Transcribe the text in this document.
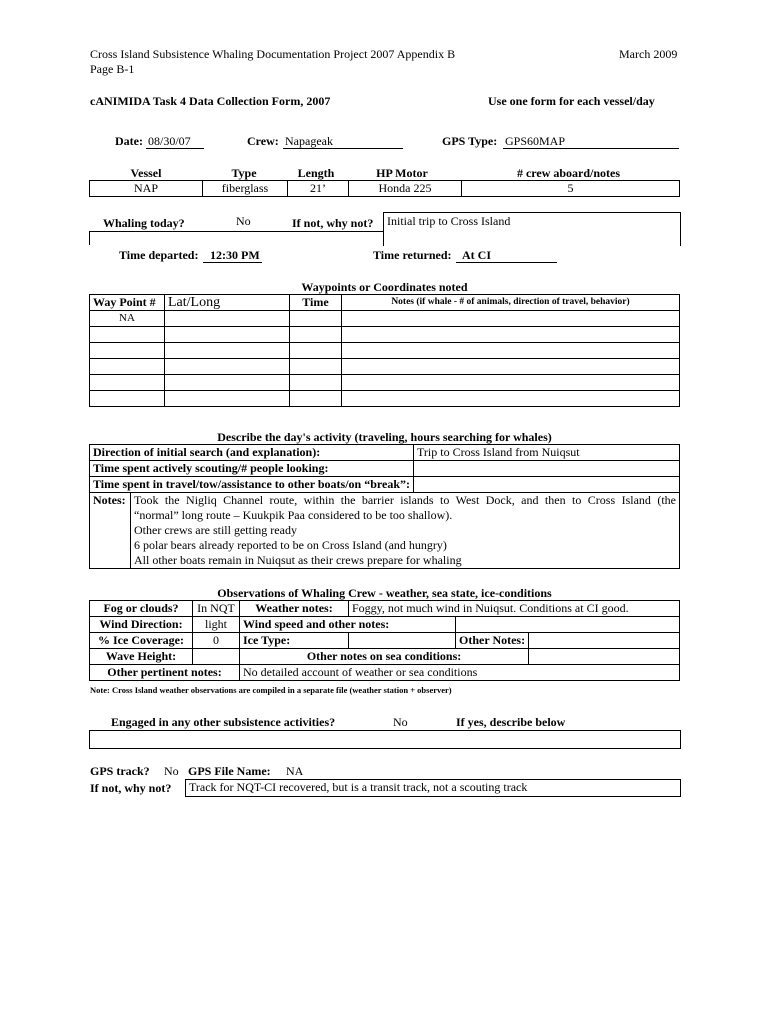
Cross Island Subsistence Whaling Documentation Project 2007 Appendix B
Page B-1
March 2009
cANIMIDA Task 4 Data Collection Form, 2007	Use one form for each vessel/day
Date: 08/30/07	Crew: Napageak	GPS Type: GPS60MAP
Vessel	Type	Length	HP Motor	# crew aboard/notes
NAP	fiberglass	21’	Honda 225	5
Whaling today?	No	If not, why not? Initial trip to Cross Island
Time departed: 12:30 PM	Time returned: At CI
Waypoints or Coordinates noted
Way Point #	Lat/Long	Time	Notes (if whale - # of animals, direction of travel, behavior)
NA			

Describe the day's activity (traveling, hours searching for whales)
Direction of initial search (and explanation):		Trip to Cross Island from Nuiqsut
Time spent actively scouting/# people looking:		
Time spent in travel/tow/assistance to other boats/on “break”:		
Notes:	Took the Nigliq Channel route, within the barrier islands to West Dock, and then to Cross Island (the
“normal” long route – Kuukpik Paa considered to be too shallow).
Other crews are still getting ready
6 polar bears already reported to be on Cross Island (and hungry)
All other boats remain in Nuiqsut as their crews prepare for whaling	
Observations of Whaling Crew - weather, sea state, ice-conditions
Fog or clouds?	In NQT	Weather notes:	Foggy, not much wind in Nuiqsut. Conditions at CI good.		
Wind Direction:	light	Wind speed and other notes:			
% Ice Coverage:	0	Ice Type:		Other Notes:	
Wave Height:		Other notes on sea conditions:			
Other pertinent notes:		No detailed account of weather or sea conditions			
Note: Cross Island weather observations are compiled in a separate file (weather station + observer)
Engaged in any other subsistence activities?	No	If yes, describe below
GPS track? No GPS File Name: NA
If not, why not?	Track for NQT-CI recovered, but is a transit track, not a scouting track
